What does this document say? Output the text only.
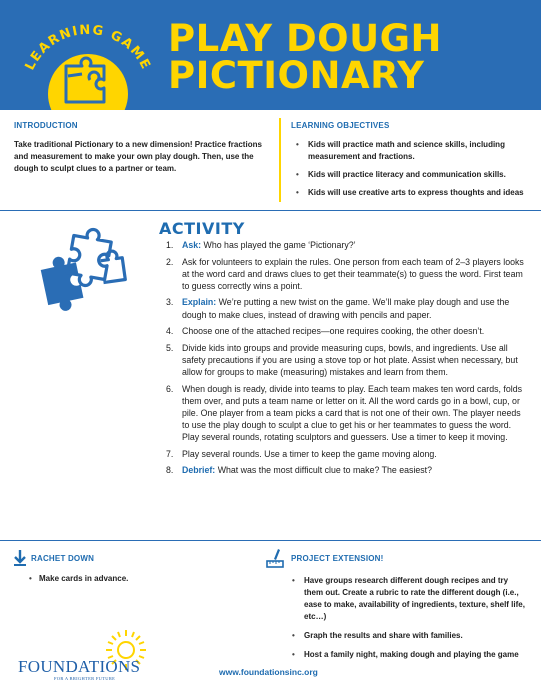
LEARNING GAME
PLAY DOUGH
PICTIONARY
INTRODUCTION

Take traditional Pictionary to a new dimension! Practice fractions and measurement to make your own play dough. Then, use the dough to sculpt clues to a partner or team.

LEARNING OBJECTIVES
• Kids will practice math and science skills, including measurement and fractions.
• Kids will practice literacy and communication skills.
• Kids will use creative arts to express thoughts and ideas
ACTIVITY
1. Ask: Who has played the game ‘Pictionary?’
2. Ask for volunteers to explain the rules. One person from each team of 2–3 players looks at the word card and draws clues to get their teammate(s) to guess the word. First team to guess correctly wins a point.
3. Explain: We’re putting a new twist on the game. We’ll make play dough and use the dough to make clues, instead of drawing with pencils and paper.
4. Choose one of the attached recipes—one requires cooking, the other doesn’t.
5. Divide kids into groups and provide measuring cups, bowls, and ingredients. Use all safety precautions if you are using a stove top or hot plate. Assist when necessary, but allow for groups to make (measuring) mistakes and learn from them.
6. When dough is ready, divide into teams to play. Each team makes ten word cards, folds them over, and puts a team name or letter on it. All the word cards go in a bowl, cup, or pile. One player from a team picks a card that is not one of their own. The player needs to use the play dough to sculpt a clue to get his or her teammates to guess the word. Play several rounds, rotating sculptors and guessers. Use a timer to keep it moving.
7. Play several rounds. Use a timer to keep the game moving along.
8. Debrief: What was the most difficult clue to make? The easiest?
RACHET DOWN
• Make cards in advance.
PROJECT EXTENSION!
• Have groups research different dough recipes and try them out. Create a rubric to rate the different dough (i.e., ease to make, availability of ingredients, texture, shelf life, etc…)
• Graph the results and share with families.
• Host a family night, making dough and playing the game
FOUNDATIONS
FOR A BRIGHTER FUTURE
www.foundationsinc.org
